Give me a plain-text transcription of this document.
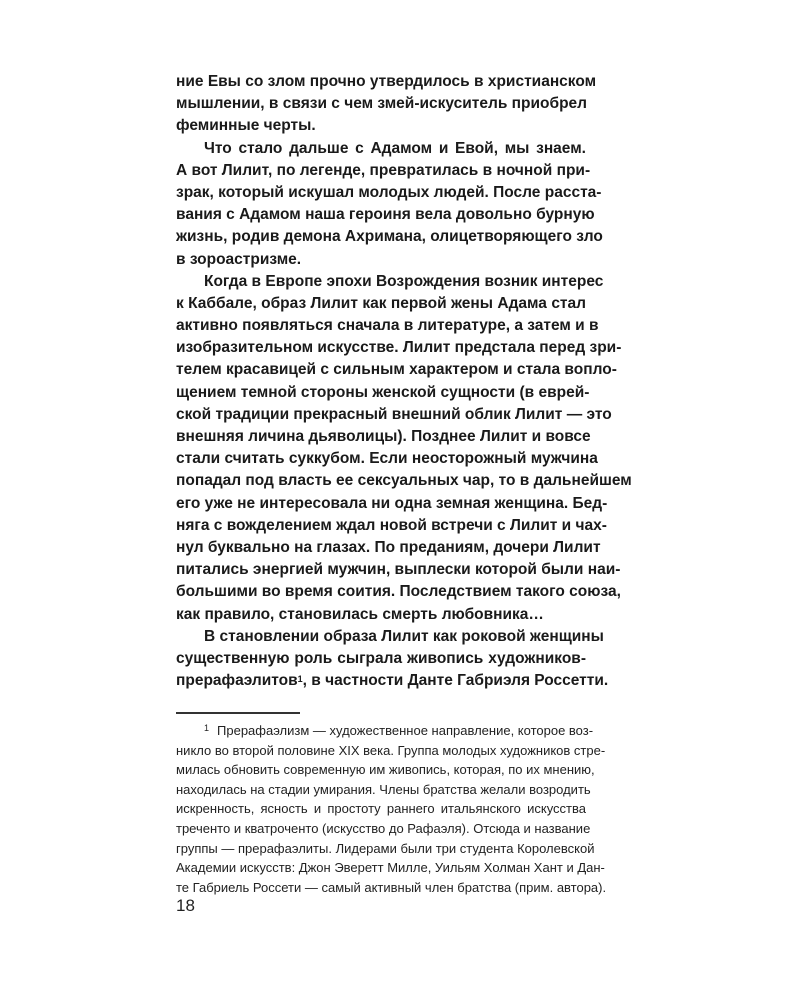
ние Евы со злом прочно утвердилось в христианском
мышлении, в связи с чем змей-искуситель приобрел
феминные черты.
Что стало дальше с Адамом и Евой, мы знаем.
А вот Лилит, по легенде, превратилась в ночной при-
зрак, который искушал молодых людей. После расста-
вания с Адамом наша героиня вела довольно бурную
жизнь, родив демона Ахримана, олицетворяющего зло
в зороастризме.
Когда в Европе эпохи Возрождения возник интерес
к Каббале, образ Лилит как первой жены Адама стал
активно появляться сначала в литературе, а затем и в
изобразительном искусстве. Лилит предстала перед зри-
телем красавицей с сильным характером и стала вопло-
щением темной стороны женской сущности (в еврей-
ской традиции прекрасный внешний облик Лилит — это
внешняя личина дьяволицы). Позднее Лилит и вовсе
стали считать суккубом. Если неосторожный мужчина
попадал под власть ее сексуальных чар, то в дальнейшем
его уже не интересовала ни одна земная женщина. Бед-
няга с вожделением ждал новой встречи с Лилит и чах-
нул буквально на глазах. По преданиям, дочери Лилит
питались энергией мужчин, выплески которой были наи-
большими во время соития. Последствием такого союза,
как правило, становилась смерть любовника…
В становлении образа Лилит как роковой женщины
существенную роль сыграла живопись художников-
прерафаэлитов$^1$, в частности Данте Габриэля Россетти.
$^1$ Прерафаэлизм — художественное направление, которое воз-
никло во второй половине XIX века. Группа молодых художников стре-
милась обновить современную им живопись, которая, по их мнению,
находилась на стадии умирания. Члены братства желали возродить
искренность, ясность и простоту раннего итальянского искусства
треченто и кватроченто (искусство до Рафаэля). Отсюда и название
группы — прерафаэлиты. Лидерами были три студента Королевской
Академии искусств: Джон Эверетт Милле, Уильям Холман Хант и Дан-
те Габриель Россети — самый активный член братства (прим. автора).
18
